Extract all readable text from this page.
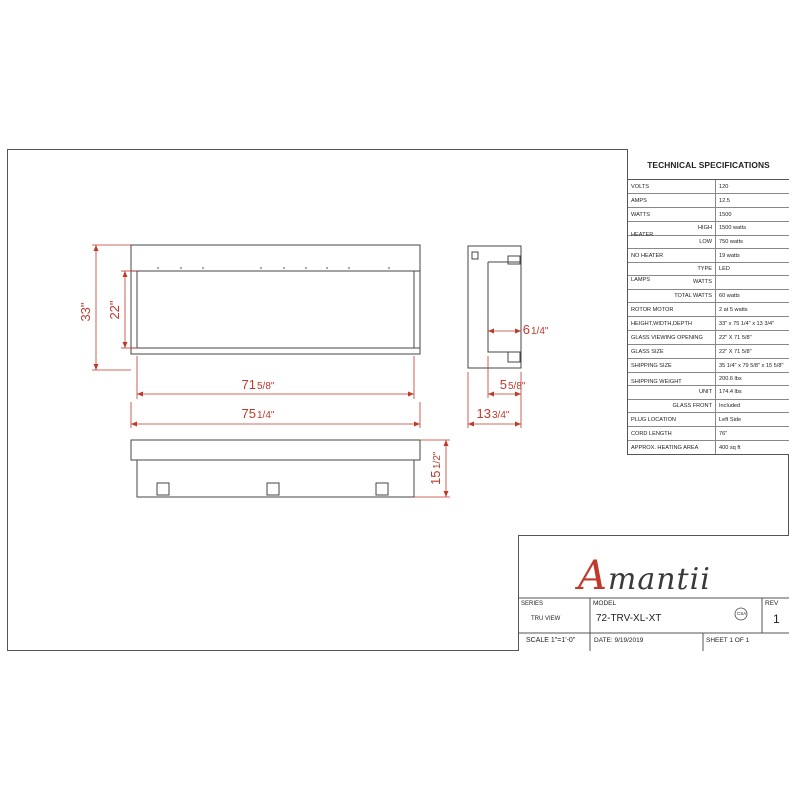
33" 22"
71 5/8"
75 1/4"
6 1/4"
5 5/8"
13 3/4"
15
1/2"
TECHNICAL SPECIFICATIONS
VOLTS	120
AMPS	12.5
WATTS	1500
HEATER
HIGH	1500 watts
LOW	750 watts
NO HEATER	19 watts
LAMPS
TYPE	LED
WATTS
TOTAL WATTS	60 watts
ROTOR MOTOR	2 at 5 watts
HEIGHT,WIDTH,DEPTH	33" x 75 1/4" x 13 3/4"
GLASS VIEWING OPENING	22" X 71 5/8"
GLASS SIZE	22" X 71 5/8"
SHIPPING SIZE	35 1/4" x 79 5/8" x 15 5/8"
SHIPPING WEIGHT	200.6 lbs
UNIT	174.4 lbs
GLASS FRONT	Included
PLUG LOCATION	Left Side
CORD LENGTH	76"
APPROX. HEATING AREA	400 sq ft
Amantii
SERIES
TRU VIEW
MODEL
72-TRV-XL-XT	CSA
REV
1
SCALE 1"=1'-0"	DATE: 9/19/2019	SHEET 1 OF 1
